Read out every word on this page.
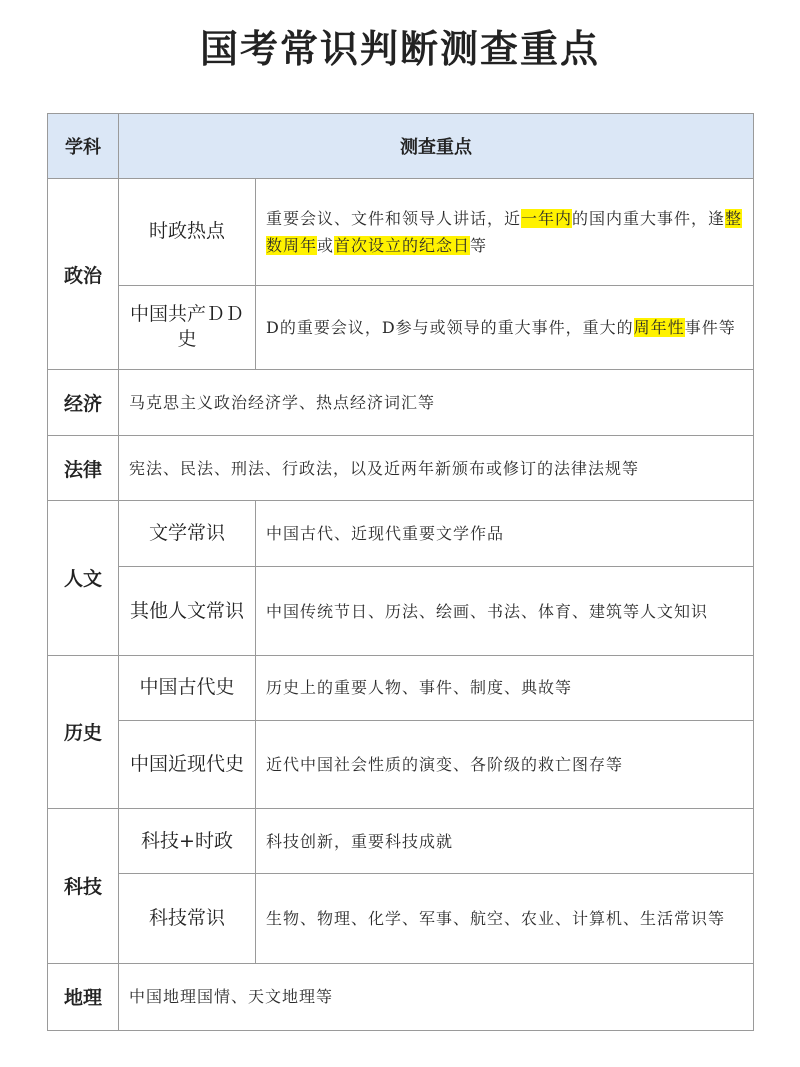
国考常识判断测查重点
学科	测查重点	
政治	时政热点	重要会议、文件和领导人讲话，近一年内的国内重大事件，逢整数周年或首次设立的纪念日等
	中国共产ＤＤ史	D的重要会议，D参与或领导的重大事件，重大的周年性事件等
经济	马克思主义政治经济学、热点经济词汇等	
法律	宪法、民法、刑法、行政法，以及近两年新颁布或修订的法律法规等	
人文	文学常识	中国古代、近现代重要文学作品
	其他人文常识	中国传统节日、历法、绘画、书法、体育、建筑等人文知识
历史	中国古代史	历史上的重要人物、事件、制度、典故等
	中国近现代史	近代中国社会性质的演变、各阶级的救亡图存等
科技	科技+时政	科技创新，重要科技成就
	科技常识	生物、物理、化学、军事、航空、农业、计算机、生活常识等
地理	中国地理国情、天文地理等	
